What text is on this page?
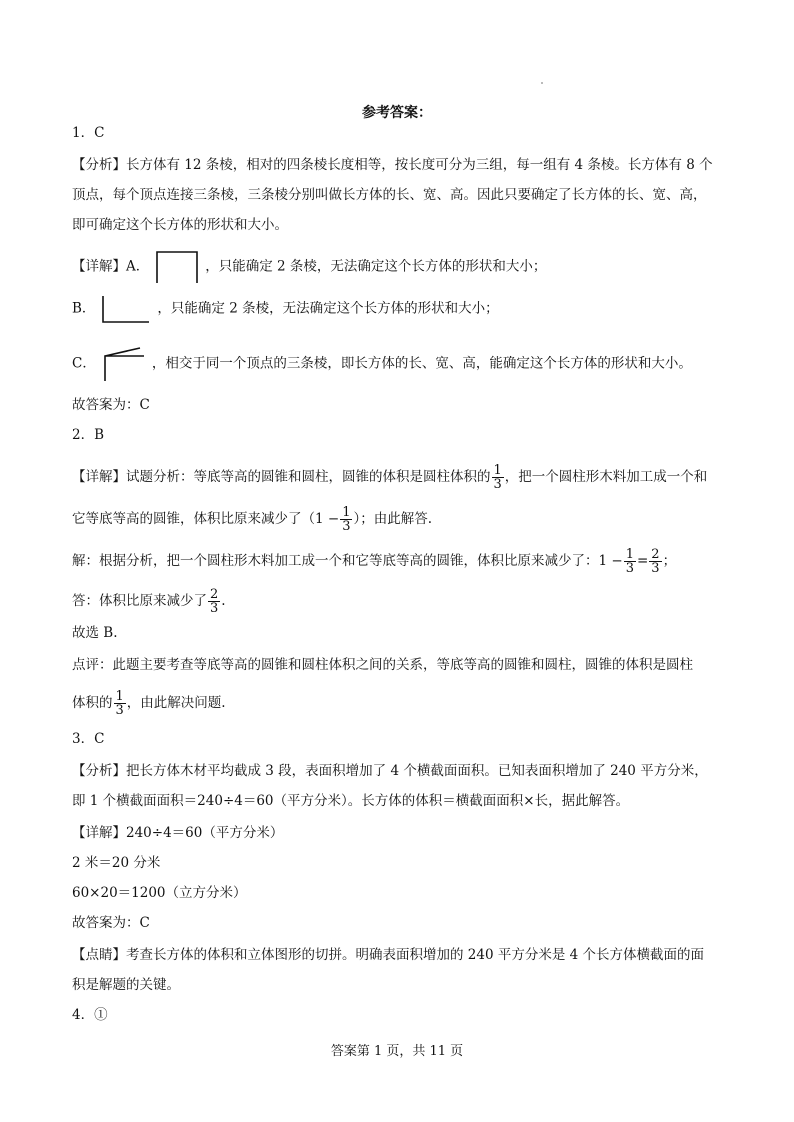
参考答案：
1．C
【分析】长方体有 12 条棱，相对的四条棱长度相等，按长度可分为三组，每一组有 4 条棱。长方体有 8 个
顶点，每个顶点连接三条棱，三条棱分别叫做长方体的长、宽、高。因此只要确定了长方体的长、宽、高，
即可确定这个长方体的形状和大小。
【详解】A．	，只能确定 2 条棱，无法确定这个长方体的形状和大小；
B．	，只能确定 2 条棱，无法确定这个长方体的形状和大小；
C．	，相交于同一个顶点的三条棱，即长方体的长、宽、高，能确定这个长方体的形状和大小。
故答案为：C
2．B
【详解】试题分析：等底等高的圆锥和圆柱，圆锥的体积是圆柱体积的 $\frac{1}{3}$ ，把一个圆柱形木料加工成一个和
它等底等高的圆锥，体积比原来减少了（$1 - \frac{1}{3}$ ）；由此解答.
解：根据分析，把一个圆柱形木料加工成一个和它等底等高的圆锥，体积比原来减少了：$1 - \frac{1}{3} = \frac{2}{3}$ ；
答：体积比原来减少了 $\frac{2}{3}$ .
故选 B.
点评：此题主要考查等底等高的圆锥和圆柱体积之间的关系，等底等高的圆锥和圆柱，圆锥的体积是圆柱
体积的 $\frac{1}{3}$ ，由此解决问题.
3．C
【分析】把长方体木材平均截成 3 段，表面积增加了 4 个横截面面积。已知表面积增加了 240 平方分米，
即 1 个横截面面积＝240÷4＝60（平方分米）。长方体的体积＝横截面面积×长，据此解答。
【详解】240÷4＝60（平方分米）
2 米＝20 分米
60×20＝1200（立方分米）
故答案为：C
【点睛】考查长方体的体积和立体图形的切拼。明确表面积增加的 240 平方分米是 4 个长方体横截面的面
积是解题的关键。
4．①
答案第 1 页，共 11 页
